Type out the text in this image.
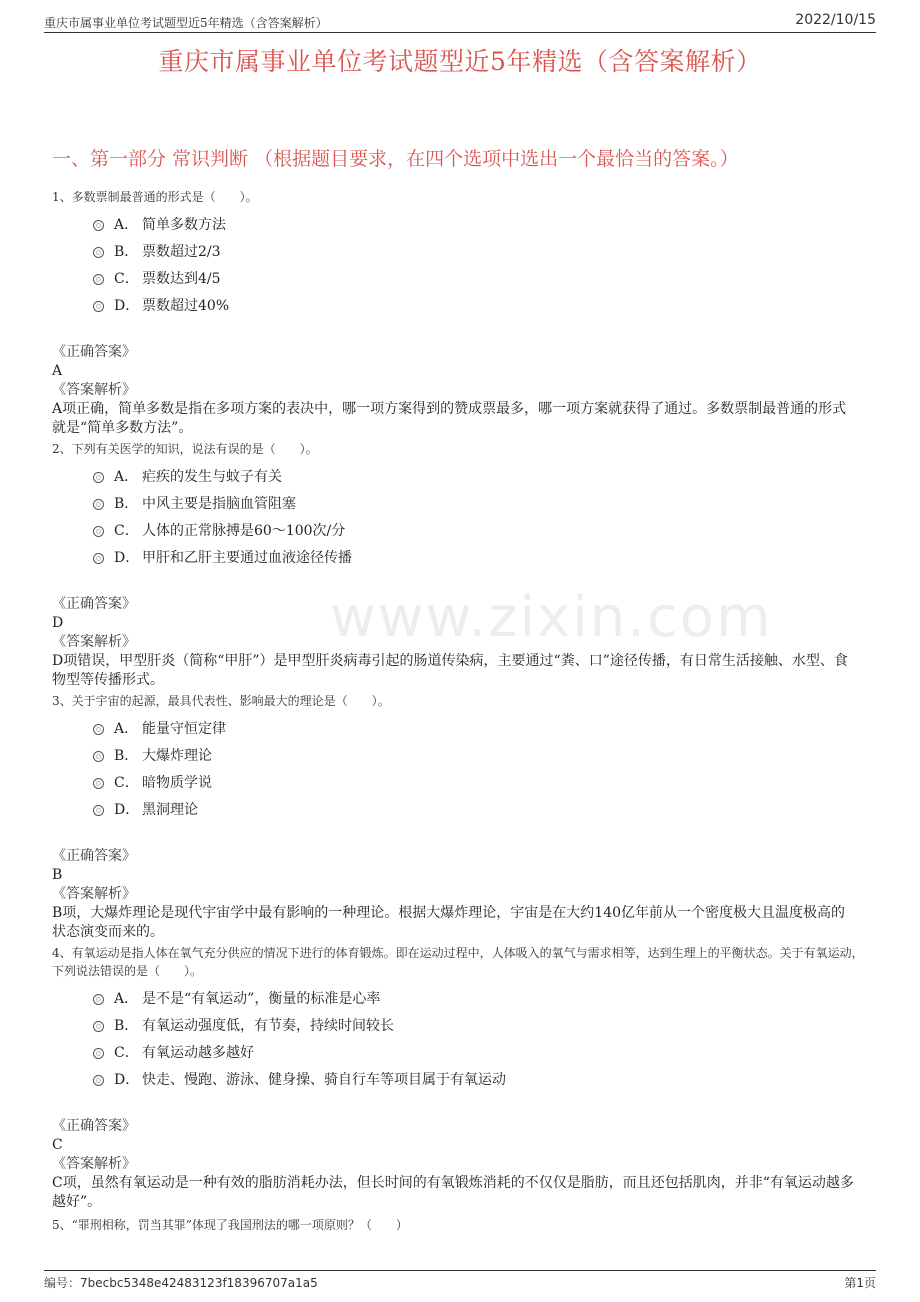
重庆市属事业单位考试题型近5年精选（含答案解析）	2022/10/15
重庆市属事业单位考试题型近5年精选（含答案解析）
一、第一部分 常识判断 （根据题目要求，在四个选项中选出一个最恰当的答案。）
www.zixin.com
1、多数票制最普通的形式是（　　）。
A． 简单多数方法
B． 票数超过2/3
C． 票数达到4/5
D． 票数超过40%
《正确答案》
A
《答案解析》
A项正确，简单多数是指在多项方案的表决中，哪一项方案得到的赞成票最多，哪一项方案就获得了通过。多数票制最普通的形式就是“简单多数方法”。
2、下列有关医学的知识，说法有误的是（　　）。
A． 疟疾的发生与蚊子有关
B． 中风主要是指脑血管阻塞
C． 人体的正常脉搏是60～100次/分
D． 甲肝和乙肝主要通过血液途径传播
《正确答案》
D
《答案解析》
D项错误，甲型肝炎（简称“甲肝”）是甲型肝炎病毒引起的肠道传染病，主要通过“粪、口”途径传播，有日常生活接触、水型、食物型等传播形式。
3、关于宇宙的起源，最具代表性、影响最大的理论是（　　）。
A． 能量守恒定律
B． 大爆炸理论
C． 暗物质学说
D． 黑洞理论
《正确答案》
B
《答案解析》
B项，大爆炸理论是现代宇宙学中最有影响的一种理论。根据大爆炸理论，宇宙是在大约140亿年前从一个密度极大且温度极高的状态演变而来的。
4、有氧运动是指人体在氧气充分供应的情况下进行的体育锻炼。即在运动过程中，人体吸入的氧气与需求相等，达到生理上的平衡状态。关于有氧运动，下列说法错误的是（　　）。
A． 是不是“有氧运动”，衡量的标准是心率
B． 有氧运动强度低，有节奏，持续时间较长
C． 有氧运动越多越好
D． 快走、慢跑、游泳、健身操、骑自行车等项目属于有氧运动
《正确答案》
C
《答案解析》
C项，虽然有氧运动是一种有效的脂肪消耗办法，但长时间的有氧锻炼消耗的不仅仅是脂肪，而且还包括肌肉，并非“有氧运动越多越好”。
5、“罪刑相称，罚当其罪”体现了我国刑法的哪一项原则？（　　）
编号：7becbc5348e42483123f18396707a1a5	第1页
